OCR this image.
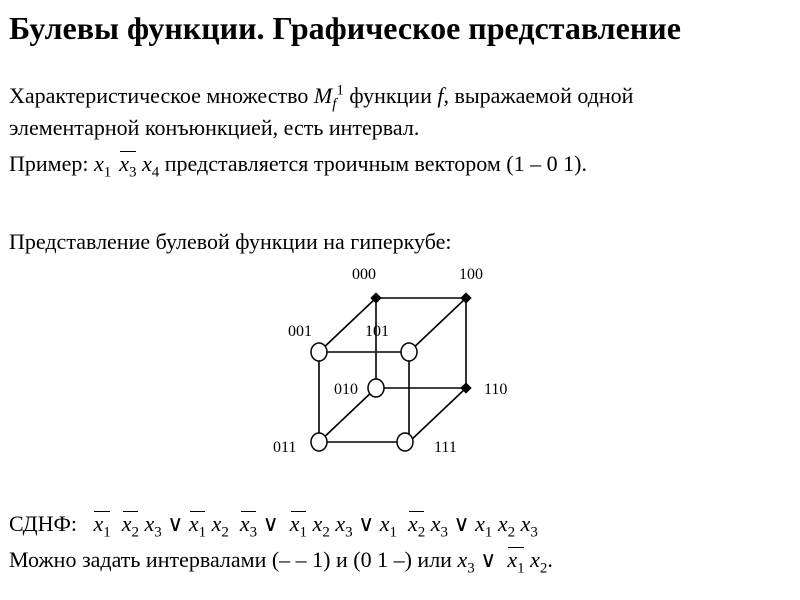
Булевы функции. Графическое представление

Характеристическое множество $M_f^1$ функции f, выражаемой одной

элементарной конъюнкцией, есть интервал.

Пример: $x_1$ $x_3$ $x_4$ представляется троичным вектором (1 – 0 1).

Представление булевой функции на гиперкубе:

000	100
001	101
010	110
011	111

СДНФ: $x_1$ $x_2$ $x_3$ ∨ $x_1$ $x_2$ $x_3$ ∨ $x_1$ $x_2$ $x_3$ ∨ $x_1$ $x_2$ $x_3$ ∨ $x_1$ $x_2$ $x_3$

Можно задать интервалами (– – 1) и (0 1 –) или $x_3$ ∨ $x_1$ $x_2$.
